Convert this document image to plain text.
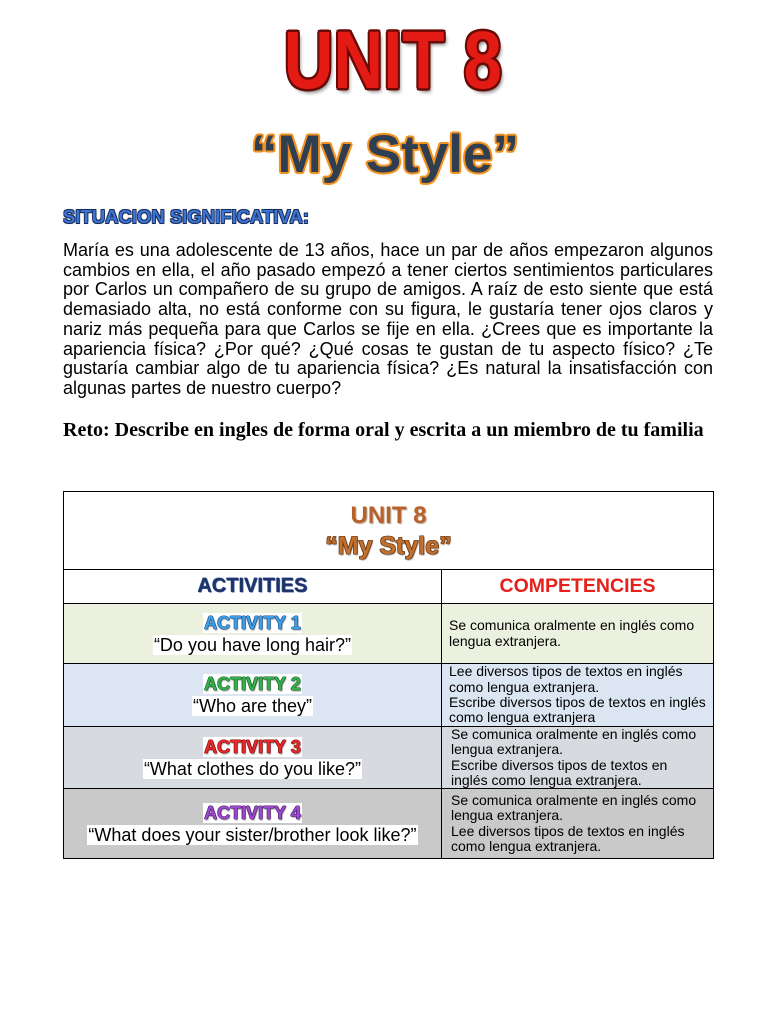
UNIT 8
“My Style”
SITUACION SIGNIFICATIVA:
María es una adolescente de 13 años, hace un par de años empezaron algunos
cambios en ella, el año pasado empezó a tener ciertos sentimientos particulares
por Carlos un compañero de su grupo de amigos. A raíz de esto siente que está
demasiado alta, no está conforme con su figura, le gustaría tener ojos claros y
nariz más pequeña para que Carlos se fije en ella. ¿Crees que es importante la
apariencia física? ¿Por qué? ¿Qué cosas te gustan de tu aspecto físico? ¿Te
gustaría cambiar algo de tu apariencia física? ¿Es natural la insatisfacción con
algunas partes de nuestro cuerpo?
Reto: Describe en ingles de forma oral y escrita a un miembro de tu familia
UNIT 8
“My Style”
ACTIVITIES	COMPETENCIES
ACTIVITY 1
“Do you have long hair?”
Se comunica oralmente en inglés como
lengua extranjera.
ACTIVITY 2
“Who are they”
Lee diversos tipos de textos en inglés
como lengua extranjera.
Escribe diversos tipos de textos en inglés
como lengua extranjera
ACTIVITY 3
“What clothes do you like?”
Se comunica oralmente en inglés como
lengua extranjera.
Escribe diversos tipos de textos en
inglés como lengua extranjera.
ACTIVITY 4
“What does your sister/brother look like?”
Se comunica oralmente en inglés como
lengua extranjera.
Lee diversos tipos de textos en inglés
como lengua extranjera.
